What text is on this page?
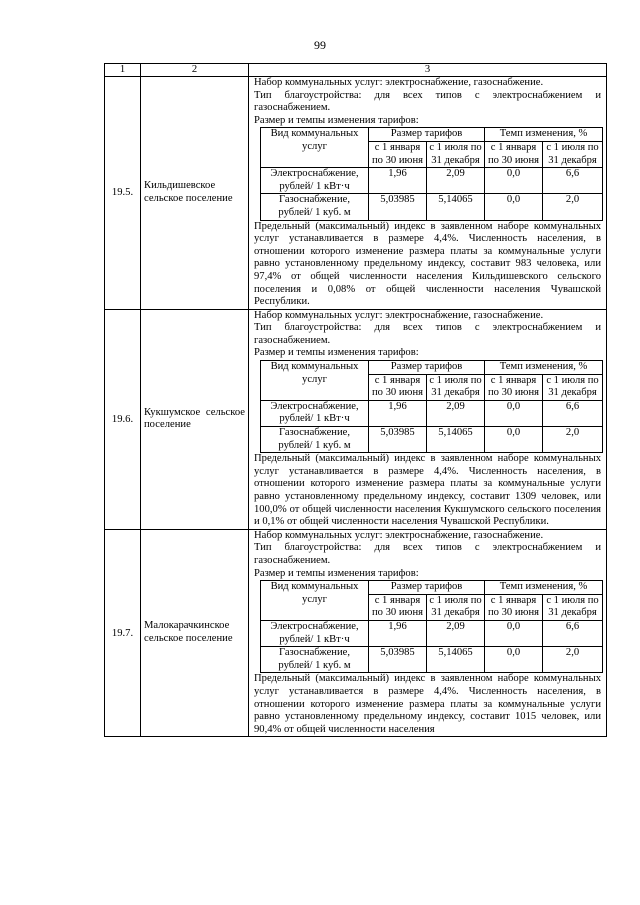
99
1	2	3
19.5.	Кильдишевское сельское поселение	

Набор коммунальных услуг: электроснабжение, газоснабжение.

Тип благоустройства: для всех типов с электроснабжением и газоснабжением.

Размер и темпы изменения тарифов:

Вид коммунальных услуг	Размер тарифов	Темп изменения, %
с 1 января по 30 июня	с 1 июля по 31 декабря	с 1 января по 30 июня	с 1 июля по 31 декабря
Электроснабжение, рублей/ 1 кВт·ч	1,96	2,09	0,0	6,6
Газоснабжение, рублей/ 1 куб. м	5,03985	5,14065	0,0	2,0

Предельный (максимальный) индекс в заявленном наборе коммунальных услуг устанавливается в размере 4,4%. Численность населения, в отношении которого изменение размера платы за коммунальные услуги равно установленному предельному индексу, составит 983 человека, или 97,4% от общей численности населения Кильдишевского сельского поселения и 0,08% от общей численности населения Чувашской Республики.

19.6.	Кукшумское сельское поселение	

Набор коммунальных услуг: электроснабжение, газоснабжение.

Тип благоустройства: для всех типов с электроснабжением и газоснабжением.

Размер и темпы изменения тарифов:

Вид коммунальных услуг	Размер тарифов	Темп изменения, %
с 1 января по 30 июня	с 1 июля по 31 декабря	с 1 января по 30 июня	с 1 июля по 31 декабря
Электроснабжение, рублей/ 1 кВт·ч	1,96	2,09	0,0	6,6
Газоснабжение, рублей/ 1 куб. м	5,03985	5,14065	0,0	2,0

Предельный (максимальный) индекс в заявленном наборе коммунальных услуг устанавливается в размере 4,4%. Численность населения, в отношении которого изменение размера платы за коммунальные услуги равно установленному предельному индексу, составит 1309 человек, или 100,0% от общей численности населения Кукшумского сельского поселения и 0,1% от общей численности населения Чувашской Республики.

19.7.	Малокарачкинское сельское поселение	

Набор коммунальных услуг: электроснабжение, газоснабжение.

Тип благоустройства: для всех типов с электроснабжением и газоснабжением.

Размер и темпы изменения тарифов:

Вид коммунальных услуг	Размер тарифов	Темп изменения, %
с 1 января по 30 июня	с 1 июля по 31 декабря	с 1 января по 30 июня	с 1 июля по 31 декабря
Электроснабжение, рублей/ 1 кВт·ч	1,96	2,09	0,0	6,6
Газоснабжение, рублей/ 1 куб. м	5,03985	5,14065	0,0	2,0

Предельный (максимальный) индекс в заявленном наборе коммунальных услуг устанавливается в размере 4,4%. Численность населения, в отношении которого изменение размера платы за коммунальные услуги равно установленному предельному индексу, составит 1015 человек, или 90,4% от общей численности населения
